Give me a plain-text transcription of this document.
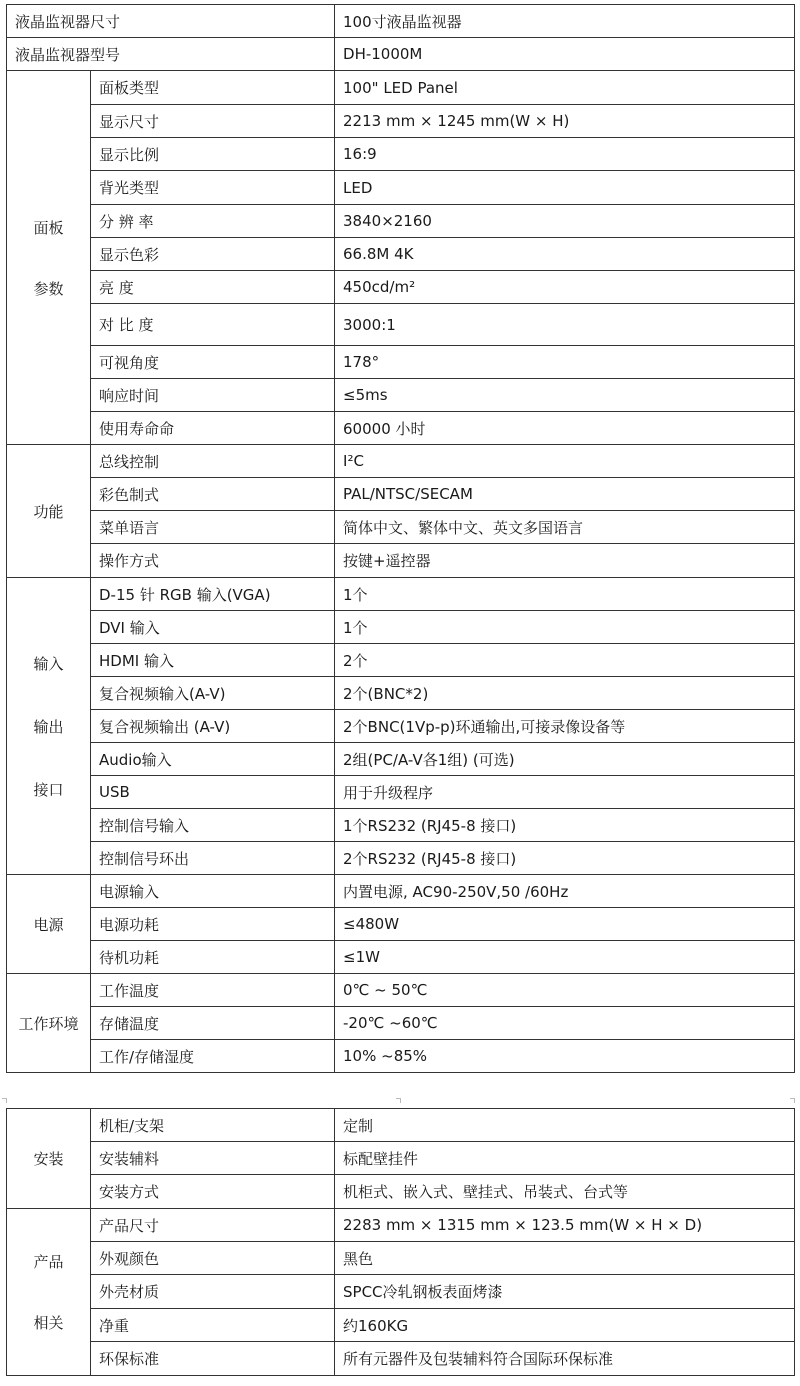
液晶监视器尺寸		100寸液晶监视器
液晶监视器型号		DH-1000M

面板
参数	面板类型	100" LED Panel
	显示尺寸	2213 mm × 1245 mm(W × H)
	显示比例	16:9
	背光类型	LED
	分 辨 率	3840×2160
	显示色彩	66.8M 4K
	亮 度	450cd/m²
	对 比 度	3000:1
	可视角度	178°
	响应时间	≤5ms
	使用寿命命	60000 小时

功能	总线控制	I²C
	彩色制式	PAL/NTSC/SECAM
	菜单语言	简体中文、繁体中文、英文多国语言
	操作方式	按键+遥控器

输入
输出
接口	D-15 针 RGB 输入(VGA)	1个
	DVI 输入	1个
	HDMI 输入	2个
	复合视频输入(A-V)	2个(BNC*2)
	复合视频输出 (A-V)	2个BNC(1Vp-p)环通输出,可接录像设备等
	Audio输入	2组(PC/A-V各1组) (可选)
	USB	用于升级程序
	控制信号输入	1个RS232 (RJ45-8 接口)
	控制信号环出	2个RS232 (RJ45-8 接口)

电源	电源输入	内置电源, AC90-250V,50 /60Hz
	电源功耗	≤480W
	待机功耗	≤1W

工作环境	工作温度	0℃ ~ 50℃
	存储温度	-20℃ ~60℃
	工作/存储湿度	10% ~85%
安装	机柜/支架	定制
	安装辅料	标配壁挂件
	安装方式	机柜式、嵌入式、壁挂式、吊装式、台式等

产品
相关	产品尺寸	2283 mm × 1315 mm × 123.5 mm(W × H × D)
	外观颜色	黑色
	外壳材质	SPCC冷轧钢板表面烤漆
	净重	约160KG
	环保标准	所有元器件及包装辅料符合国际环保标准
